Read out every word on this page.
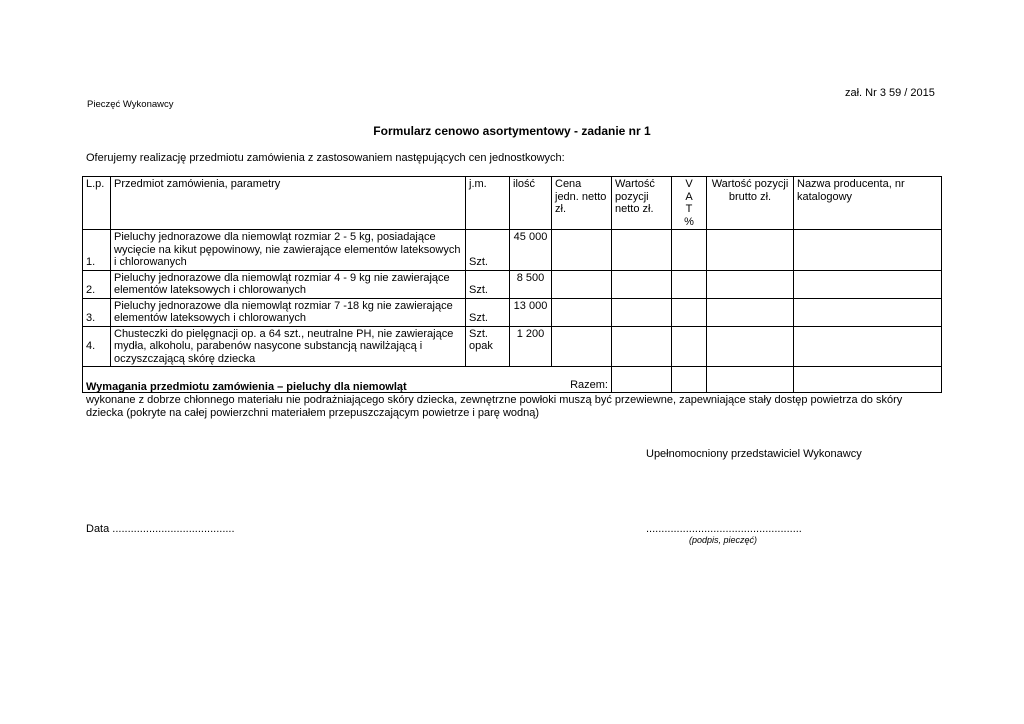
zał. Nr 3 59 / 2015
Pieczęć Wykonawcy
Formularz cenowo asortymentowy - zadanie nr 1
Oferujemy realizację przedmiotu zamówienia z zastosowaniem następujących cen jednostkowych:
L.p.	Przedmiot zamówienia, parametry	j.m.	ilość	Cena jedn. netto zł.	Wartość pozycji netto zł.	V
A
T
%	Wartość pozycji brutto zł.	Nazwa producenta, nr katalogowy
1.	Pieluchy jednorazowe dla niemowląt rozmiar 2 - 5 kg, posiadające wycięcie na kikut pępowinowy, nie zawierające elementów lateksowych i chlorowanych	Szt.	45 000					
2.	Pieluchy jednorazowe dla niemowląt rozmiar 4 - 9 kg nie zawierające elementów lateksowych i chlorowanych	Szt.	8 500					
3.	Pieluchy jednorazowe dla niemowląt rozmiar 7 -18 kg nie zawierające elementów lateksowych i chlorowanych	Szt.	13 000					
4.	Chusteczki do pielęgnacji op. a 64 szt., neutralne PH, nie zawierające mydła, alkoholu, parabenów nasycone substancją nawilżającą i oczyszczającą skórę dziecka	Szt. opak	1 200					
Razem:								
Wymagania przedmiotu zamówienia – pieluchy dla niemowląt
wykonane z dobrze chłonnego materiału nie podrażniającego skóry dziecka, zewnętrzne powłoki muszą być przewiewne, zapewniające stały dostęp powietrza do skóry dziecka (pokryte na całej powierzchni materiałem przepuszczającym powietrze i parę wodną)
Upełnomocniony przedstawiciel Wykonawcy
Data ........................................	...................................................
(podpis, pieczęć)
